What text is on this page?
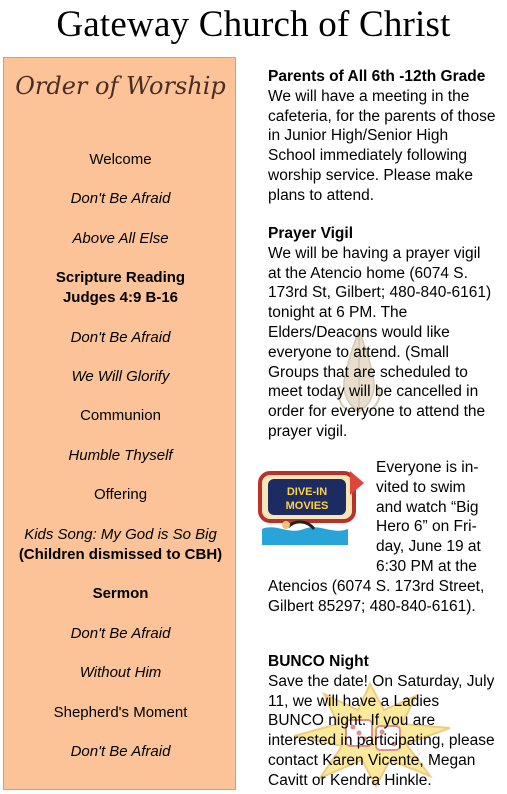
Gateway Church of Christ
Order of Worship
Welcome
Don't Be Afraid
Above All Else
Scripture Reading
Judges 4:9 B-16
Don't Be Afraid
We Will Glorify
Communion
Humble Thyself
Offering
Kids Song: My God is So Big
(Children dismissed to CBH)
Sermon
Don't Be Afraid
Without Him
Shepherd's Moment
Don't Be Afraid

Parents of All 6th -12th Grade

We will have a meeting in the cafeteria, for the parents of those in Junior High/Senior High School immediately following worship service. Please make plans to attend.

Prayer Vigil

We will be having a prayer vigil at the Atencio home (6074 S. 173rd St, Gilbert; 480-840-6161) tonight at 6 PM. The Elders/Deacons would like everyone to attend. (Small Groups that are scheduled to meet today will be cancelled in order for everyone to attend the prayer vigil.

DIVE-IN
MOVIES

Everyone is in-

vited to swim

and watch “Big

Hero 6” on Fri-

day, June 19 at

6:30 PM at the

Atencios (6074 S. 173rd Street, Gilbert 85297; 480-840-6161).

BUNCO Night

Save the date! On Saturday, July 11, we will have a Ladies BUNCO night. If you are interested in participating, please contact Karen Vicente, Megan Cavitt or Kendra Hinkle.
